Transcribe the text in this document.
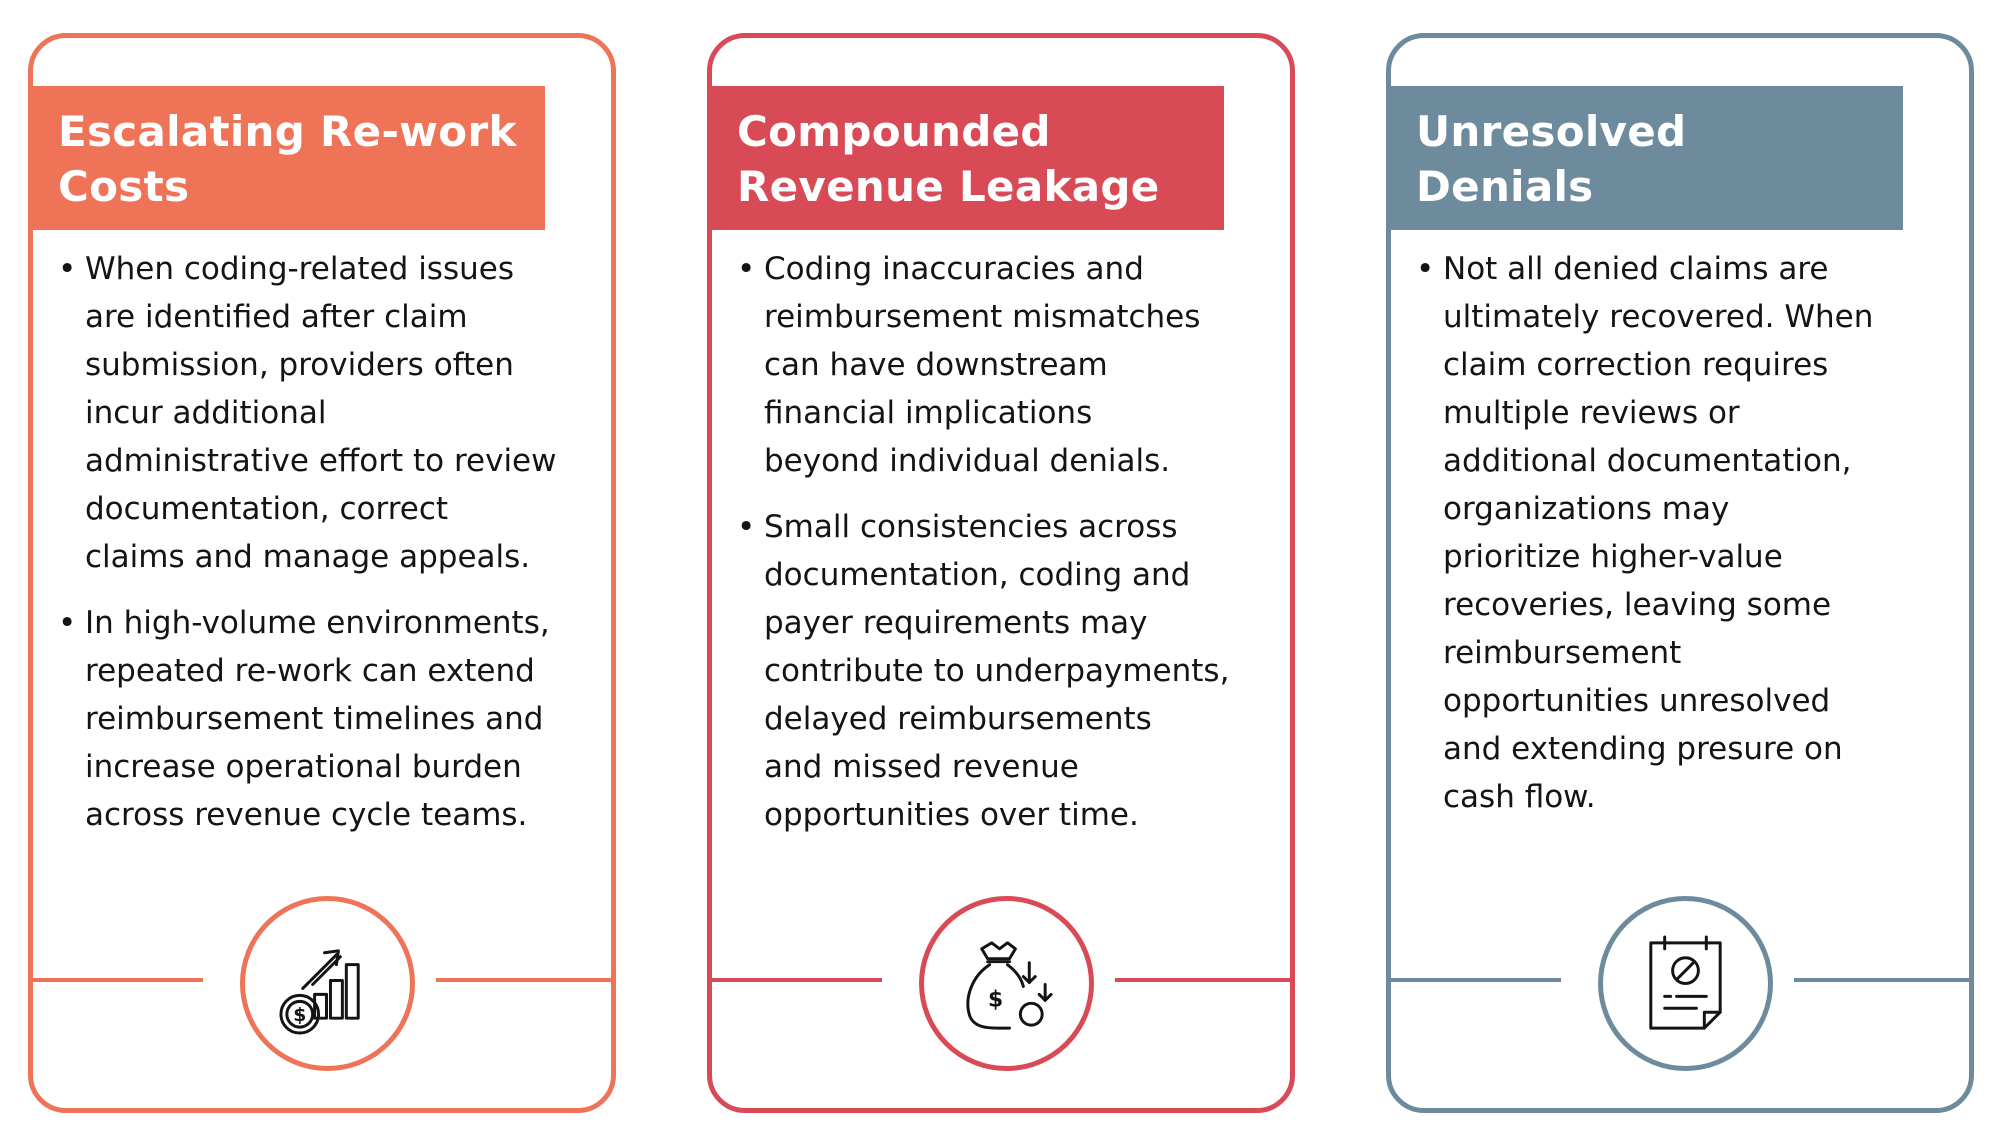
Escalating Re-work
Costs
• When coding-related issues
are identified after claim
submission, providers often
incur additional
administrative effort to review
documentation, correct
claims and manage appeals.
• In high-volume environments,
repeated re-work can extend
reimbursement timelines and
increase operational burden
across revenue cycle teams.
$
Compounded
Revenue Leakage
• Coding inaccuracies and
reimbursement mismatches
can have downstream
financial implications
beyond individual denials.
• Small consistencies across
documentation, coding and
payer requirements may
contribute to underpayments,
delayed reimbursements
and missed revenue
opportunities over time.
$
Unresolved
Denials
• Not all denied claims are
ultimately recovered. When
claim correction requires
multiple reviews or
additional documentation,
organizations may
prioritize higher-value
recoveries, leaving some
reimbursement
opportunities unresolved
and extending presure on
cash flow.
